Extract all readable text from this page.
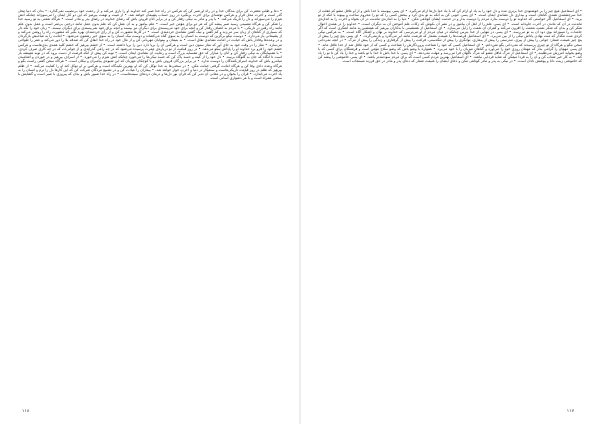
• دعا و طلب مغفرت کن برای بندگان خدا و در راه او صبر کن که هرکس در راه خدا صبر کند خداوند او را یاری می‌کند و از رحمت خود بی‌نصیب نمی‌گذارد. • بدان که دنیا محل گذر است و آخرت محل قرار و هرکس توشه‌ای برای آخرت برنگیرد در روز حساب پشیمان خواهد شد. • از غیبت و تهمت بپرهیز که این دو کار ایمان را می‌سوزاند چنانکه آتش هیزم را می‌سوزاند و دل را تاریک می‌کند. • با پدر و مادر به نیکی رفتار کن و در برابر آنان فروتن باش که رضای خداوند در رضای پدر و مادر است. • هرگاه نعمتی به تو رسید خدا را شکر کن و هرگاه مصیبتی رسید صبر پیشه کن که هر دو برای مؤمن خیر است. • علم بیاموز و به آن عمل کن که علم بدون عمل مانند درختی بی‌ثمر است و عمل بدون علم مانند راه رفتن در تاریکی. • با مردم به انصاف رفتار کن و آنچه برای خود می‌پسندی برای دیگران نیز بپسند و آنچه برای خود نمی‌پسندی برای دیگران نپسند. • زبان خود را نگه دار که بسیاری از گناهان از زبان سر می‌زند و کم گفتن و نیک گفتن نشانه‌ی خردمندی است. • در کارها مشورت کن و از رأی خردمندان بهره بگیر که مشورت راه را روشن می‌کند و از پشیمانی باز می‌دارد. • دوست نیکو برگزین که دوست بد انسان را به سوی گناه می‌کشاند و دوست نیک انسان را به سوی خیر رهنمون می‌شود. • امانت را به صاحبش بازگردان و در وعده‌ها وفادار باش که خیانت در امانت نشانه‌ی نفاق است. • به یتیمان و بینوایان مهربانی کن و از مال خود در راه خدا انفاق کن که صدقه بلا را دور می‌کند و عمر را طولانی می‌سازد. • نماز را در وقت خود به جای آور که نماز ستون دین است و هرکس آن را برپا دارد دین را برپا داشته است. • از خشم بپرهیز که خشم کلید همه‌ی بدی‌هاست و هرکس خشم خود را فرو برد خداوند او را پاداش نیکو می‌دهد. • در روز قیامت از تو درباره‌ی عمرت پرسیده می‌شود که در چه راهی گذراندی و از جوانی‌ات که در چه کاری صرف کردی. • با همسایگان به نیکی رفتار کن و آنان را میازار که حق همسایه بزرگ است و رعایت آن نشانه‌ی ایمان است. • توبه کن پیش از آنکه فرصت از دست برود که در توبه همیشه باز است تا آنگاه که جان به گلوگاه برسد. • دل خود را از کینه و حسد پاک کن که حسد نیکی‌ها را می‌خورد چنانکه آتش هیزم را می‌خورد. • از اسراف بپرهیز و در خوردن و آشامیدن میانه‌رو باش که خداوند اسراف‌کنندگان را دوست ندارد. • در برابر بزرگان فروتن باش و با کوچکان مهربان که این شیوه‌ی پیامبران و نیکان است. • هرگاه سخن گفتی راست بگو و هرگاه وعده دادی وفا کن و هرگاه امانت گرفتی خیانت مکن. • در سختی‌ها به خدا توکل کن که او بهترین تکیه‌گاه است و هرکس بر او توکل کند او را کفایت می‌کند. • از ظلم بپرهیز که ظلم در روز قیامت تاریکی‌هاست و ستمکار در دنیا و آخرت خوار خواهد شد. • بیماران را عیادت کن و در تشییع مردگان شرکت کن که این کارها دل را نرم و انسان را به یاد آخرت می‌اندازد. • قرآن را بخوان و در معانی آن تدبر کن که قرآن نور دل‌ها و درمان دردهای سینه‌هاست. • در راه خدا صبور باش و بدان که پیروزی با صبر است و گشایش با سختی همراه است و با هر دشواری آسانی است.
۱۱۸
• ای اسماعیل هیچ چیز را بر خوشنودی خدا برتری مده و دل خود را به یاد او آرام کن که با یاد خدا دل‌ها آرام می‌گیرد. • ای پسر، پیوسته با خدا باش و از او غافل مشو که غفلت از خدا سرچشمه‌ی همه‌ی گناهان است و بیداری دل نشانه‌ی ایمان است. • ای پسر، خوبی کن به آنکه به تو بدی کرد و ببخش کسی را که تو را محروم ساخت و بپیوند با آنکه از تو برید. • ای اسماعیل اگر خواستی که خداوند تو را دوست بدارد مردم را دوست بدار و در خدمت ایشان کوتاهی مکن. • دنیا را به اندازه‌ی ماندنت در آن بخواه و آخرت را به اندازه‌ی ماندنت در آن که ماندن در آخرت جاودانه است. • ای پسر، علم را از اهل آن بیاموز و در نشر آن بکوش که زکات علم آموختن آن به دیگران است. • خداوند را در همه‌ی احوال شکر کن و بدان که شکر نعمت نعمتت را افزون می‌کند و کفران آن نعمت را زایل می‌سازد. • ای اسماعیل از همنشینی با بدکاران بپرهیز که همنشین بد مانند آهنگری است که اگر جامه‌ات را نسوزاند بوی دود آن به تو می‌رسد. • ای پسر، در تنهایی از خدا بترس چنانکه در میان مردم از او می‌ترسی که خداوند بر نهان و آشکار آگاه است. • به هرکس نیکی کردی منت مگذار که منت نهادن پاداش نیکی را از بین می‌برد. • ای اسماعیل فرصت‌ها را غنیمت بشمار که فرصت مانند ابر می‌گذرد و بازنمی‌گردد. • ای پسر، پنج چیز را پیش از پنج چیز غنیمت شمار: جوانی را پیش از پیری، تندرستی را پیش از بیماری، توانگری را پیش از تنگدستی، فراغت را پیش از گرفتاری و زندگی را پیش از مرگ. • در آنچه نمی‌دانی سخن مگو و هرگاه از تو چیزی پرسیدند که نمی‌دانی بگو نمی‌دانم. • ای اسماعیل کسی که خود را شناخت پروردگارش را شناخت و کسی که از خود غافل شد از خدا غافل ماند. • ای پسر، مهمان را گرامی بدار که مهمان روزی خود را می‌آورد و گناهان میزبان را با خود می‌برد. • همواره با وضو باش که وضو سلاح مؤمن است و فرشتگان برای کسی که با وضو بخوابد آمرزش می‌طلبند. • ای اسماعیل از مرگ غافل مشو که مرگ ناگهان فرا می‌رسد و مهلت نمی‌دهد. • ای پسر، با خدا باش تا خدا با تو باشد و خدا را یاد کن تا تو را یاد کند. • به کار خیر شتاب کن و آن را به فردا میفکن که شاید فردایی نباشد. • ای اسماعیل بهترین مردم کسی است که برای مردم سودمندتر باشد. • ای پسر، خاموشی را پیشه کن که خاموشی زینت دانا و پوشش نادان است. • در نیکی به پدر و مادر کوتاهی مکن و دعای ایشان را غنیمت شمار که دعای پدر و مادر در حق فرزند مستجاب است.
۱۱۷
